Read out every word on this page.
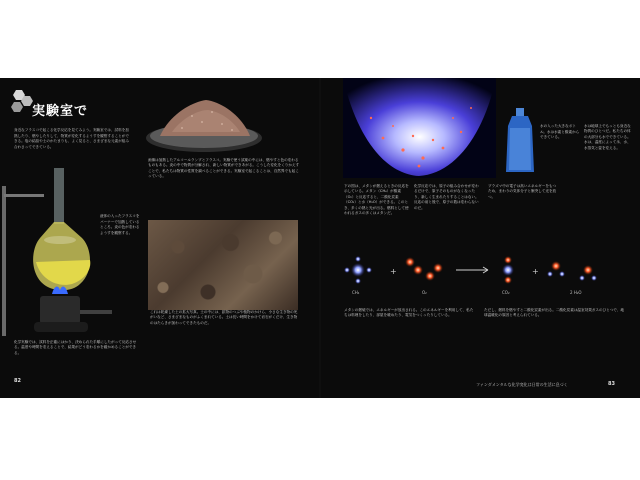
実験室で
身近なフラスコで起こる化学反応を見てみよう。実験室では、試料を加熱したり、燃やしたりして、物質が変化するようすを観察することができる。塩の結晶や土のかたまりも、よく見ると、さまざまな元素が組み合わさってできている。
画像は加熱したアルコールランプとフラスコ。実験で使う試薬の中には、燃やすと色の変わるものもある。炎の中で物質が分解され、新しい物質ができあがる。こうした変化をくりかえすことで、私たちは物質の性質を調べることができる。実験室で起こることは、自然界でも起こっている。
液体の入ったフラスコをバーナーで加熱しているところ。炎の色が変わるようすを観察する。
これは乾燥した土の拡大写真。土の中には、鉱物のつぶや植物のかけら、小さな生き物の死がいなど、さまざまなものがふくまれている。土は長い時間をかけて岩石がくだけ、生き物のはたらきが加わってできたものだ。
化学実験では、試料を正確にはかり、決められた手順にしたがって反応させる。温度や時間を変えることで、結果がどう変わるかを確かめることができる。
82
水の入った大きなボトル。水は水素と酸素からできている。
水は地球上でもっとも身近な物質のひとつだ。私たちの体の大部分も水でできている。水は、温度によって氷、水、水蒸気と姿を変える。
下の図は、メタンが燃えるときの反応を示している。メタン（CH₄）が酸素（O₂）と反応すると、二酸化炭素（CO₂）と水（H₂O）ができる。このとき、多くの熱と光が出る。燃料として使われるガスの多くはメタンだ。
化学反応では、原子の組み合わせが変わるだけで、原子そのものがなくなったり、新しく生まれたりすることはない。反応の前と後で、原子の数は変わらないのだ。
プラズマ中の電子は高いエネルギーをもつため、まわりの気体分子と衝突して光を放つ。
+	+
CH₄	O₂	CO₂	2 H₂O
メタンの燃焼では、エネルギーが放出される。このエネルギーを利用して、私たちは料理をしたり、部屋を暖めたり、電気をつくったりしている。
ただし、燃料を燃やすと二酸化炭素が出る。二酸化炭素は温室効果ガスのひとつで、地球温暖化の原因と考えられている。
ファンダメンタルな化学変化は日常の生活に息づく	83
